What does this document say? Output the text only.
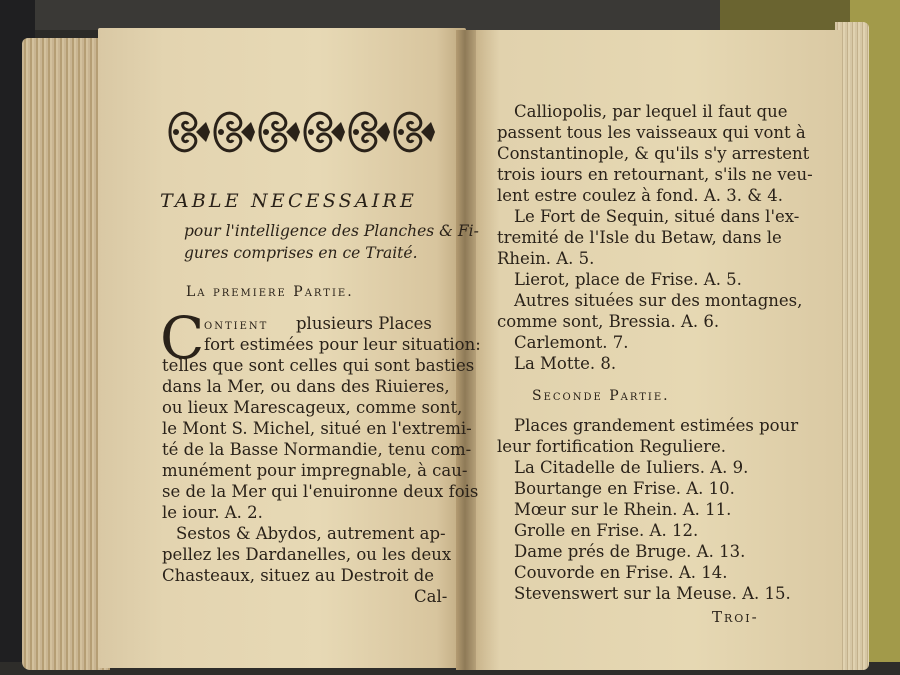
TABLE NECESSAIRE
pour l'intelligence des Planches & Fi-
gures comprises en ce Traité.
La premiere Partie.
C ontient plusieurs Places
fort estimées pour leur situation:
telles que sont celles qui sont basties
dans la Mer, ou dans des Riuieres,
ou lieux Marescageux, comme sont,
le Mont S. Michel, situé en l'extremi-
té de la Basse Normandie, tenu com-
munément pour impregnable, à cau-
se de la Mer qui l'enuironne deux fois
le iour. A. 2.
Sestos & Abydos, autrement ap-
pellez les Dardanelles, ou les deux
Chasteaux, situez au Destroit de
Cal-
Calliopolis, par lequel il faut que
passent tous les vaisseaux qui vont à
Constantinople, & qu'ils s'y arrestent
trois iours en retournant, s'ils ne veu-
lent estre coulez à fond. A. 3. & 4.
Le Fort de Sequin, situé dans l'ex-
tremité de l'Isle du Betaw, dans le
Rhein. A. 5.
Lierot, place de Frise. A. 5.
Autres situées sur des montagnes,
comme sont, Bressia. A. 6.
Carlemont. 7.
La Motte. 8.
Seconde Partie.
Places grandement estimées pour
leur fortification Reguliere.
La Citadelle de Iuliers. A. 9.
Bourtange en Frise. A. 10.
Mœur sur le Rhein. A. 11.
Grolle en Frise. A. 12.
Dame prés de Bruge. A. 13.
Couvorde en Frise. A. 14.
Stevenswert sur la Meuse. A. 15.
Troi-
